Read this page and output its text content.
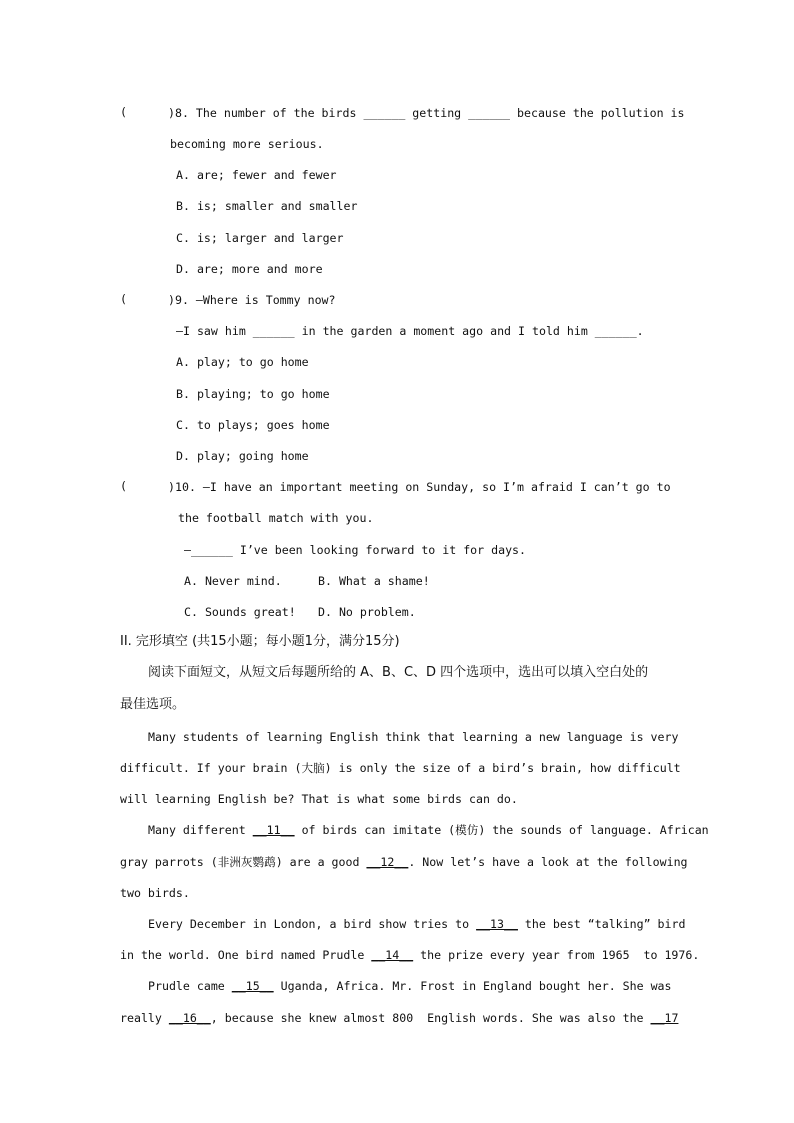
(	)8. The number of the birds ______ getting ______ because the pollution is
becoming more serious.
A. are; fewer and fewer
B. is; smaller and smaller
C. is; larger and larger
D. are; more and more
(	)9. —Where is Tommy now?
—I saw him ______ in the garden a moment ago and I told him ______.
A. play; to go home
B. playing; to go home
C. to plays; goes home
D. play; going home
(	)10. —I have an important meeting on Sunday, so I’m afraid I can’t go to
the football match with you.
—______ I’ve been looking forward to it for days.
A. Never mind.	B. What a shame!
C. Sounds great! D. No problem.
II. 完形填空 (共15小题；每小题1分，满分15分)
阅读下面短文，从短文后每题所给的 A、B、C、D 四个选项中，选出可以填入空白处的
最佳选项。
Many students of learning English think that learning a new language is very
difficult. If your brain (大脑) is only the size of a bird’s brain, how difficult
will learning English be? That is what some birds can do.
Many different __11__ of birds can imitate (模仿) the sounds of language. African
gray parrots (非洲灰鹦鹉) are a good __12__. Now let’s have a look at the following
two birds.
Every December in London, a bird show tries to __13__ the best “talking” bird
in the world. One bird named Prudle __14__ the prize every year from 1965  to 1976.
Prudle came __15__ Uganda, Africa. Mr. Frost in England bought her. She was
really __16__, because she knew almost 800  English words. She was also the __17
